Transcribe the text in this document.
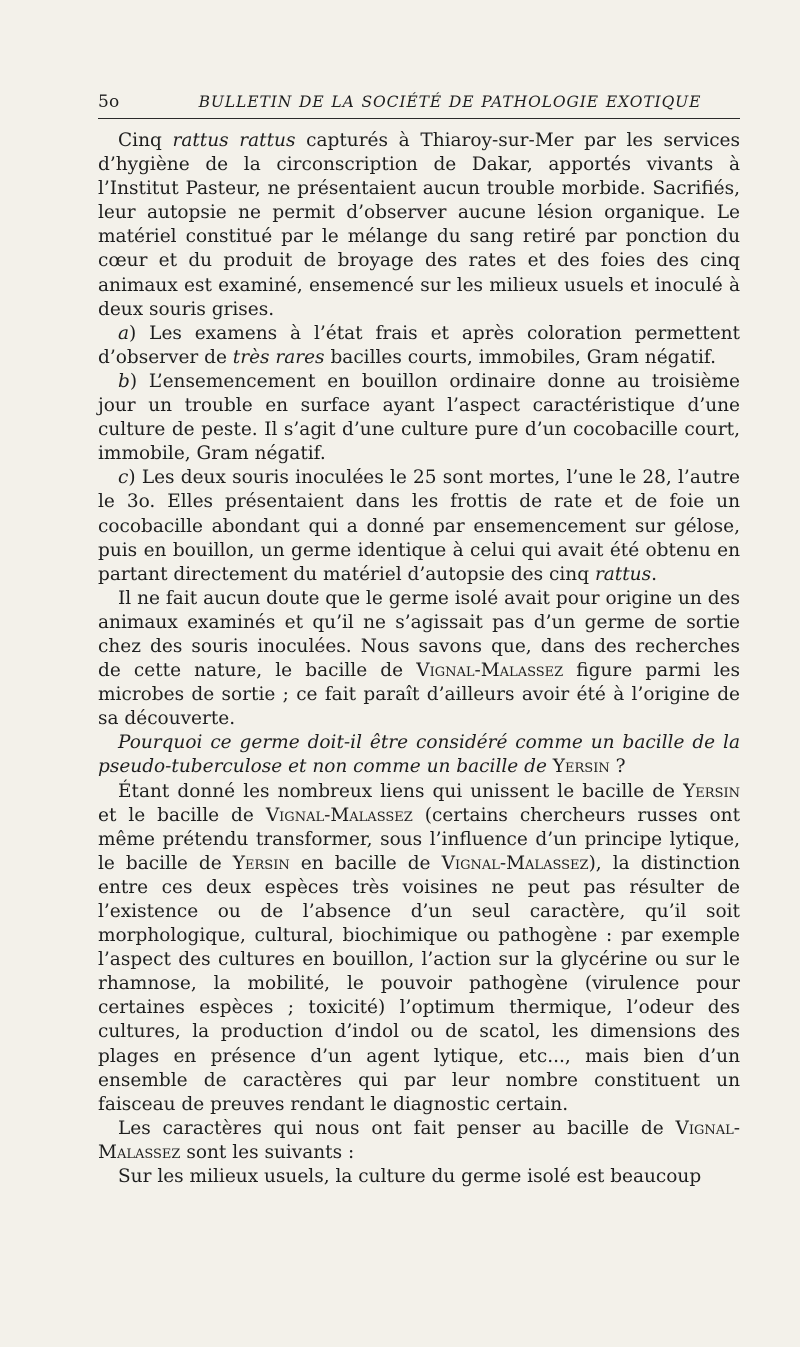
5o	BULLETIN DE LA SOCIÉTÉ DE PATHOLOGIE EXOTIQUE

Cinq rattus rattus capturés à Thiaroy-sur-Mer par les services d’hygiène de la circonscription de Dakar, apportés vivants à l’Institut Pasteur, ne présentaient aucun trouble morbide. Sacrifiés, leur autopsie ne permit d’observer aucune lésion organique. Le matériel constitué par le mélange du sang retiré par ponction du cœur et du produit de broyage des rates et des foies des cinq animaux est examiné, ensemencé sur les milieux usuels et inoculé à deux souris grises.

a) Les examens à l’état frais et après coloration permettent d’observer de très rares bacilles courts, immobiles, Gram négatif.

b) L’ensemencement en bouillon ordinaire donne au troisième jour un trouble en surface ayant l’aspect caractéristique d’une culture de peste. Il s’agit d’une culture pure d’un cocobacille court, immobile, Gram négatif.

c) Les deux souris inoculées le 25 sont mortes, l’une le 28, l’autre le 3o. Elles présentaient dans les frottis de rate et de foie un cocobacille abondant qui a donné par ensemencement sur gélose, puis en bouillon, un germe identique à celui qui avait été obtenu en partant directement du matériel d’autopsie des cinq rattus.

Il ne fait aucun doute que le germe isolé avait pour origine un des animaux examinés et qu’il ne s’agissait pas d’un germe de sortie chez des souris inoculées. Nous savons que, dans des recherches de cette nature, le bacille de Vignal-Malassez figure parmi les microbes de sortie ; ce fait paraît d’ailleurs avoir été à l’origine de sa découverte.

Pourquoi ce germe doit-il être considéré comme un bacille de la pseudo-tuberculose et non comme un bacille de Yersin ?

Étant donné les nombreux liens qui unissent le bacille de Yersin et le bacille de Vignal-Malassez (certains chercheurs russes ont même prétendu transformer, sous l’influence d’un principe lytique, le bacille de Yersin en bacille de Vignal-Malassez), la distinction entre ces deux espèces très voisines ne peut pas résulter de l’existence ou de l’absence d’un seul caractère, qu’il soit morphologique, cultural, biochimique ou pathogène : par exemple l’aspect des cultures en bouillon, l’action sur la glycérine ou sur le rhamnose, la mobilité, le pouvoir pathogène (virulence pour certaines espèces ; toxicité) l’optimum thermique, l’odeur des cultures, la production d’indol ou de scatol, les dimensions des plages en présence d’un agent lytique, etc..., mais bien d’un ensemble de caractères qui par leur nombre constituent un faisceau de preuves rendant le diagnostic certain.

Les caractères qui nous ont fait penser au bacille de Vignal-Malassez sont les suivants :

Sur les milieux usuels, la culture du germe isolé est beaucoup
